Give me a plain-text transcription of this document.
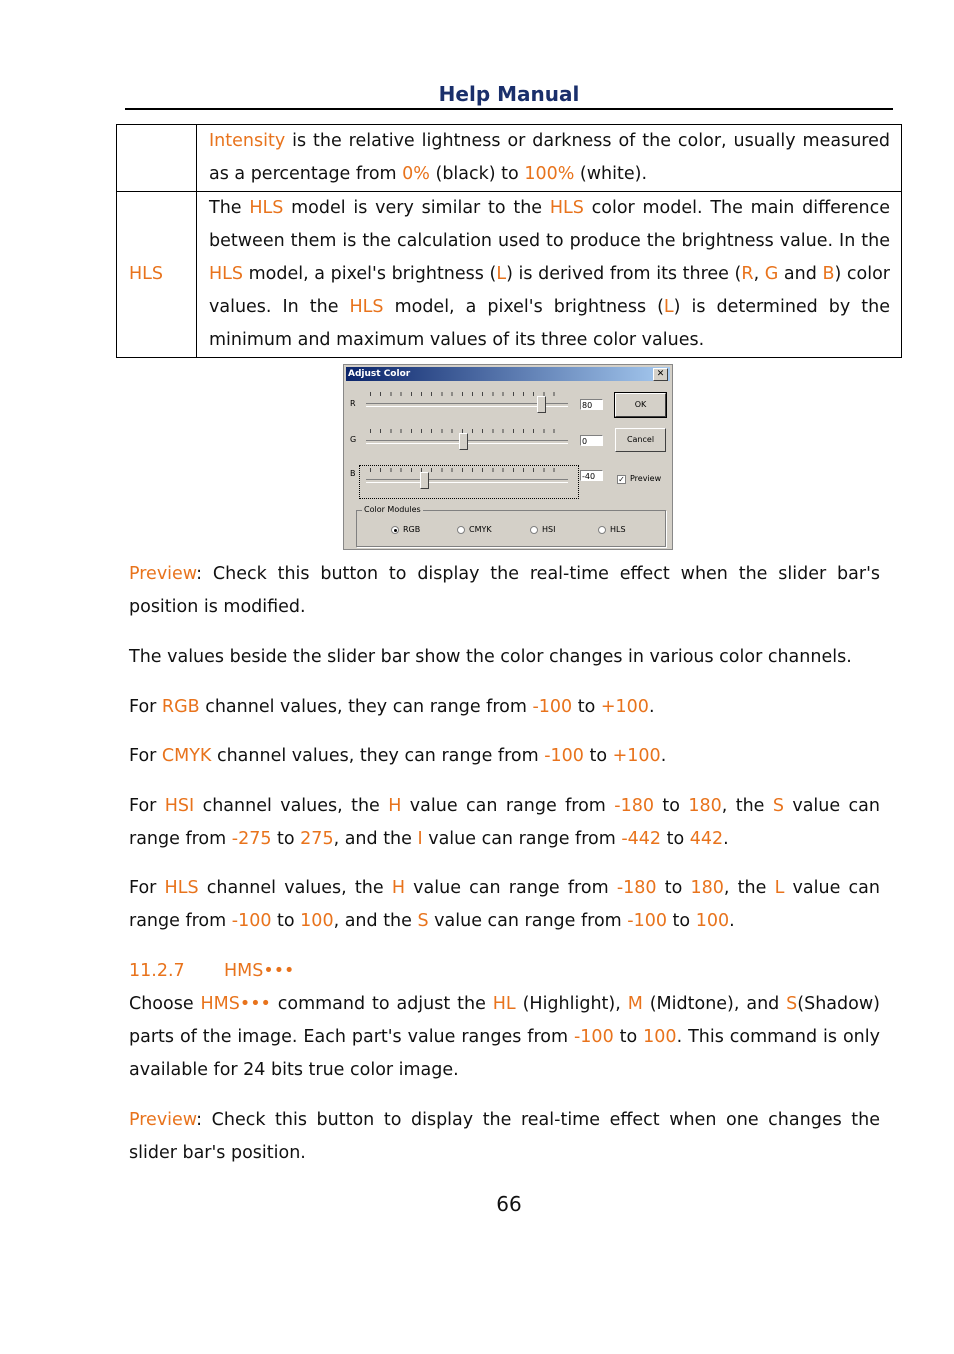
Help Manual
	Intensity is the relative lightness or darkness of the color, usually measured as a percentage from 0% (black) to 100% (white).
HLS	The HLS model is very similar to the HLS color model. The main difference between them is the calculation used to produce the brightness value. In the HLS model, a pixel's brightness (L) is derived from its three (R, G and B) color values. In the HLS model, a pixel's brightness (L) is determined by the minimum and maximum values of its three color values.
Adjust Color	✕
R	80
G	0
B	-40
OK
Cancel
✓ Preview
Color Modules
RGB	CMYK	HSI	HLS
Preview: Check this button to display the real-time effect when the slider bar's position is modified.
The values beside the slider bar show the color changes in various color channels.
For RGB channel values, they can range from -100 to +100.
For CMYK channel values, they can range from -100 to +100.
For HSI channel values, the H value can range from -180 to 180, the S value can range from -275 to 275, and the I value can range from -442 to 442.
For HLS channel values, the H value can range from -180 to 180, the L value can range from -100 to 100, and the S value can range from -100 to 100.
11.2.7 HMS•••
Choose HMS••• command to adjust the HL (Highlight), M (Midtone), and S(Shadow) parts of the image. Each part's value ranges from -100 to 100. This command is only available for 24 bits true color image.
Preview: Check this button to display the real-time effect when one changes the slider bar's position.
66
